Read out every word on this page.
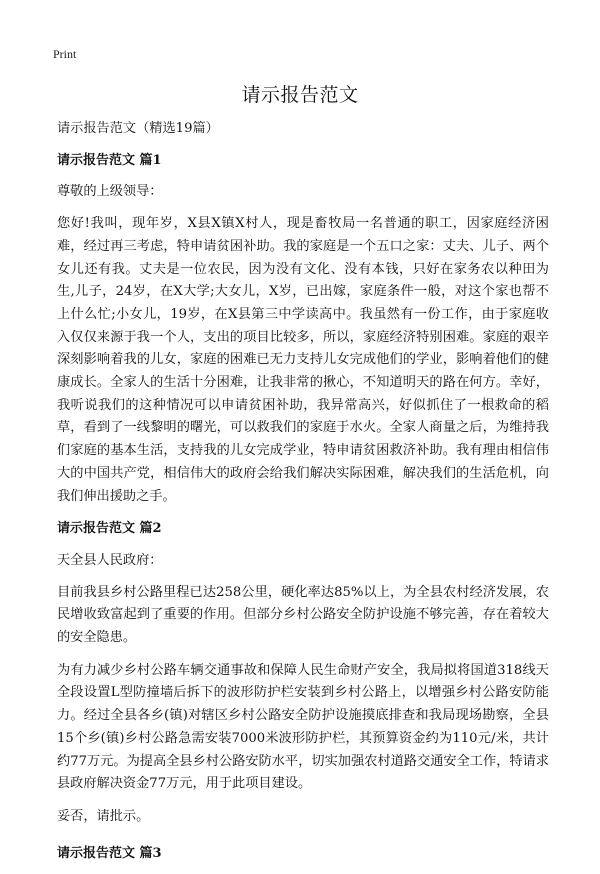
Print
请示报告范文

请示报告范文（精选19篇）

请示报告范文 篇1

尊敬的上级领导：

您好!我叫，现年岁，X县X镇X村人，现是畜牧局一名普通的职工，因家庭经济困难，经过再三考虑，特申请贫困补助。我的家庭是一个五口之家：丈夫、儿子、两个女儿还有我。丈夫是一位农民，因为没有文化、没有本钱，只好在家务农以种田为生,儿子，24岁，在X大学;大女儿，X岁，已出嫁，家庭条件一般，对这个家也帮不上什么忙;小女儿，19岁，在X县第三中学读高中。我虽然有一份工作，由于家庭收入仅仅来源于我一个人，支出的项目比较多，所以，家庭经济特别困难。家庭的艰辛深刻影响着我的儿女，家庭的困难已无力支持儿女完成他们的学业，影响着他们的健康成长。全家人的生活十分困难，让我非常的揪心，不知道明天的路在何方。幸好，我听说我们的这种情况可以申请贫困补助，我异常高兴，好似抓住了一根救命的稻草，看到了一线黎明的曙光，可以救我们的家庭于水火。全家人商量之后，为维持我们家庭的基本生活，支持我的儿女完成学业，特申请贫困救济补助。我有理由相信伟大的中国共产党，相信伟大的政府会给我们解决实际困难，解决我们的生活危机，向我们伸出援助之手。

请示报告范文 篇2

天全县人民政府：

目前我县乡村公路里程已达258公里，硬化率达85%以上，为全县农村经济发展，农民增收致富起到了重要的作用。但部分乡村公路安全防护设施不够完善，存在着较大的安全隐患。

为有力减少乡村公路车辆交通事故和保障人民生命财产安全，我局拟将国道318线天全段设置L型防撞墙后拆下的波形防护栏安装到乡村公路上，以增强乡村公路安防能力。经过全县各乡(镇)对辖区乡村公路安全防护设施摸底排查和我局现场勘察，全县15个乡(镇)乡村公路急需安装7000米波形防护栏，其预算资金约为110元/米，共计约77万元。为提高全县乡村公路安防水平，切实加强农村道路交通安全工作，特请求县政府解决资金77万元，用于此项目建设。

妥否，请批示。

请示报告范文 篇3
